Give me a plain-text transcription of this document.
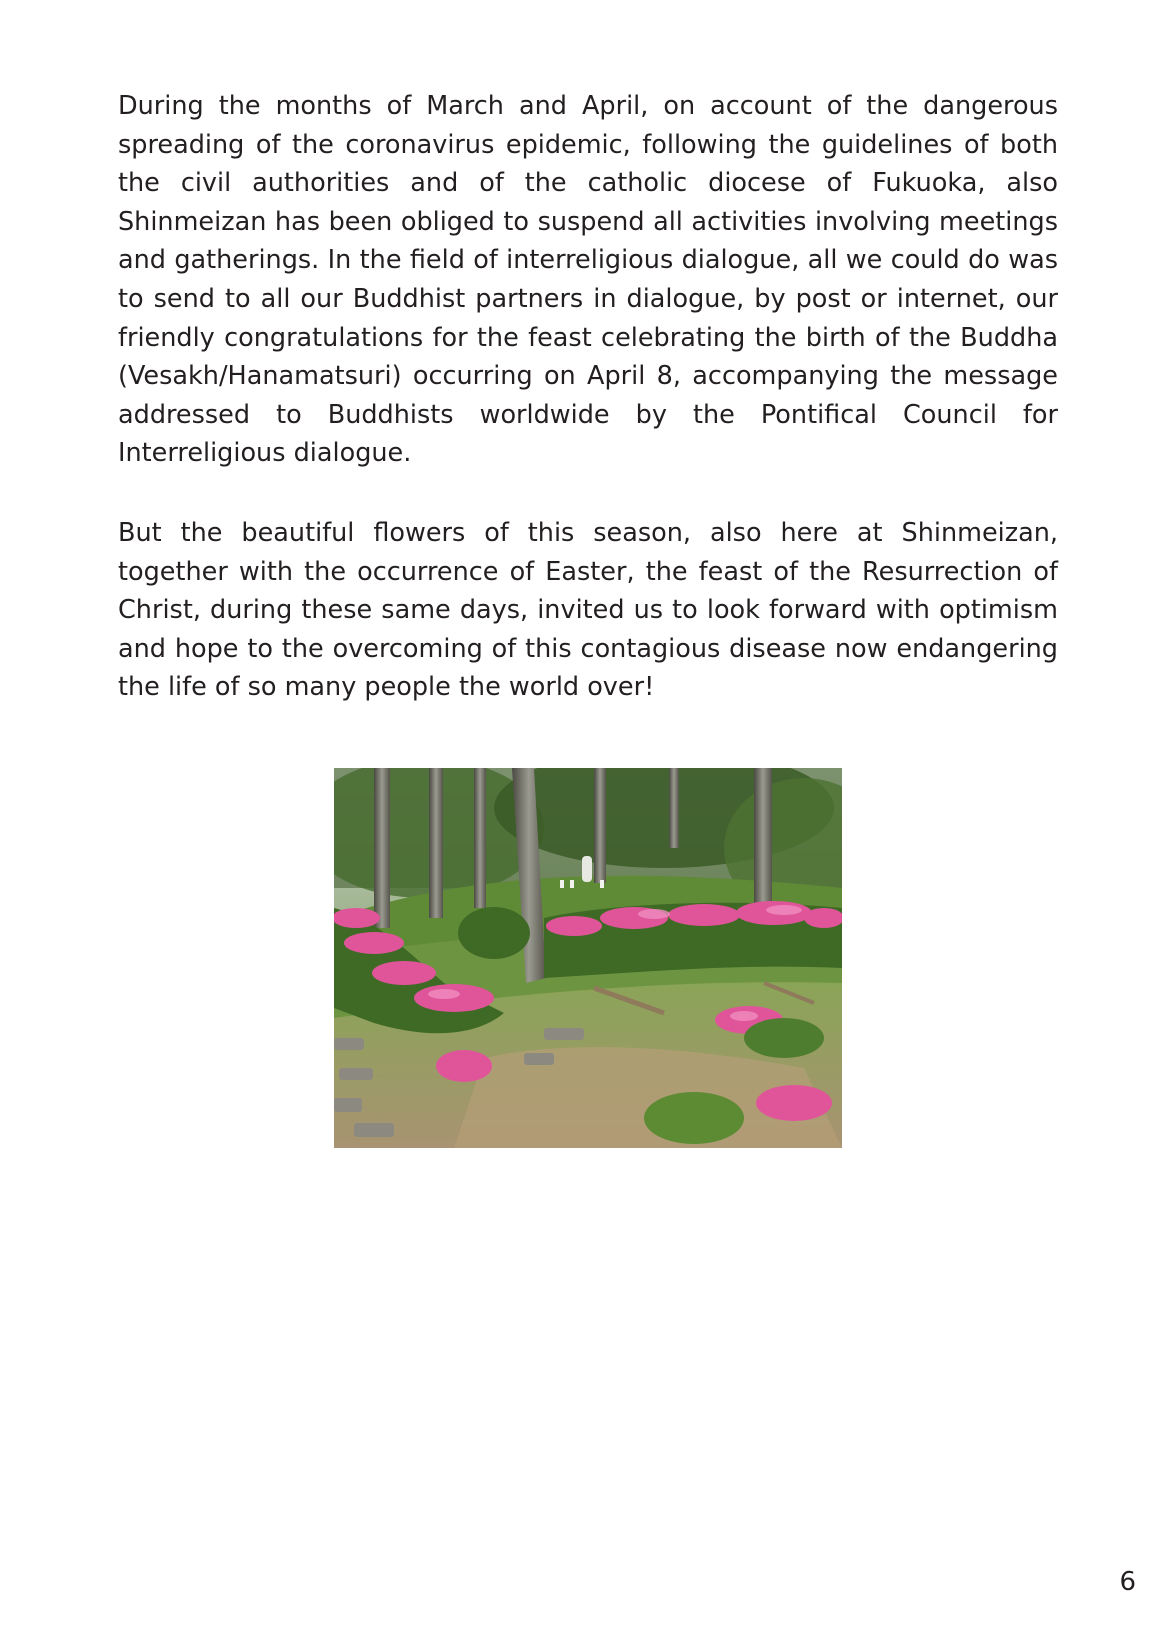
During the months of March and April, on account of the dangerous spreading of the coronavirus epidemic, following the guidelines of both the civil authorities and of the catholic diocese of Fukuoka, also Shinmeizan has been obliged to suspend all activities involving meetings and gatherings. In the field of interreligious dialogue, all we could do was to send to all our Buddhist partners in dialogue, by post or internet, our friendly congratulations for the feast celebrating the birth of the Buddha (Vesakh/Hanamatsuri) occurring on April 8, accompanying the message addressed to Buddhists worldwide by the Pontifical Council for Interreligious dialogue.

But the beautiful flowers of this season, also here at Shinmeizan, together with the occurrence of Easter, the feast of the Resurrection of Christ, during these same days, invited us to look forward with optimism and hope to the overcoming of this contagious disease now endangering the life of so many people the world over!

6
